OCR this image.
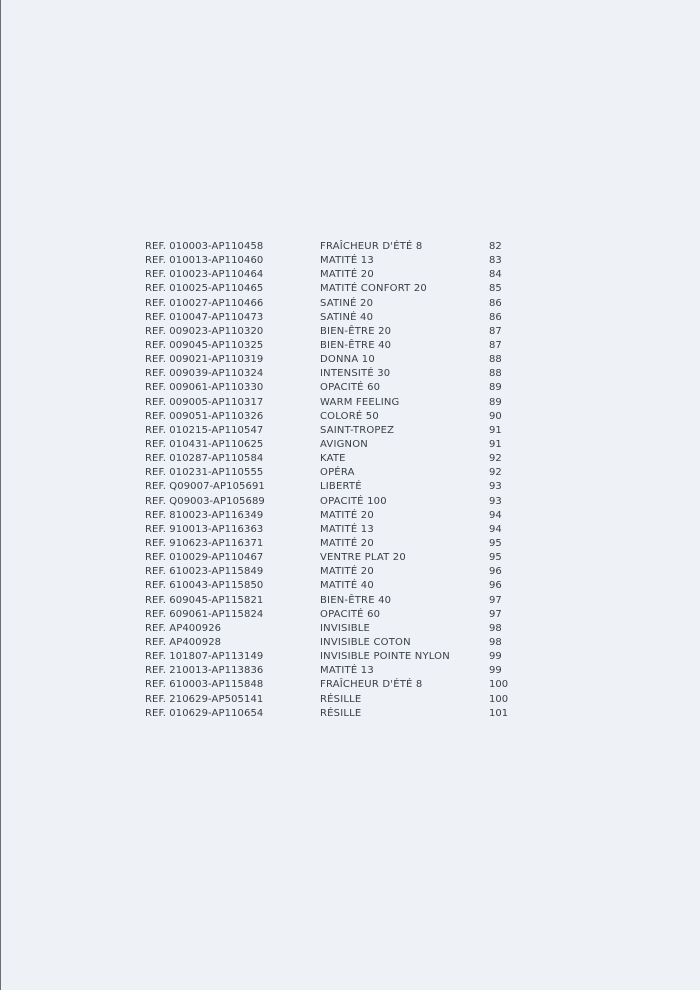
REF. 010003-AP110458	FRAÎCHEUR D'ÉTÉ 8	82
REF. 010013-AP110460	MATITÉ 13	83
REF. 010023-AP110464	MATITÉ 20	84
REF. 010025-AP110465	MATITÉ CONFORT 20	85
REF. 010027-AP110466	SATINÉ 20	86
REF. 010047-AP110473	SATINÉ 40	86
REF. 009023-AP110320	BIEN-ÊTRE 20	87
REF. 009045-AP110325	BIEN-ÊTRE 40	87
REF. 009021-AP110319	DONNA 10	88
REF. 009039-AP110324	INTENSITÉ 30	88
REF. 009061-AP110330	OPACITÉ 60	89
REF. 009005-AP110317	WARM FEELING	89
REF. 009051-AP110326	COLORÉ 50	90
REF. 010215-AP110547	SAINT-TROPEZ	91
REF. 010431-AP110625	AVIGNON	91
REF. 010287-AP110584	KATE	92
REF. 010231-AP110555	OPÉRA	92
REF. Q09007-AP105691	LIBERTÉ	93
REF. Q09003-AP105689	OPACITÉ 100	93
REF. 810023-AP116349	MATITÉ 20	94
REF. 910013-AP116363	MATITÉ 13	94
REF. 910623-AP116371	MATITÉ 20	95
REF. 010029-AP110467	VENTRE PLAT 20	95
REF. 610023-AP115849	MATITÉ 20	96
REF. 610043-AP115850	MATITÉ 40	96
REF. 609045-AP115821	BIEN-ÊTRE 40	97
REF. 609061-AP115824	OPACITÉ 60	97
REF. AP400926	INVISIBLE	98
REF. AP400928	INVISIBLE COTON	98
REF. 101807-AP113149	INVISIBLE POINTE NYLON	99
REF. 210013-AP113836	MATITÉ 13	99
REF. 610003-AP115848	FRAÎCHEUR D'ÉTÉ 8	100
REF. 210629-AP505141	RÉSILLE	100
REF. 010629-AP110654	RÉSILLE	101
